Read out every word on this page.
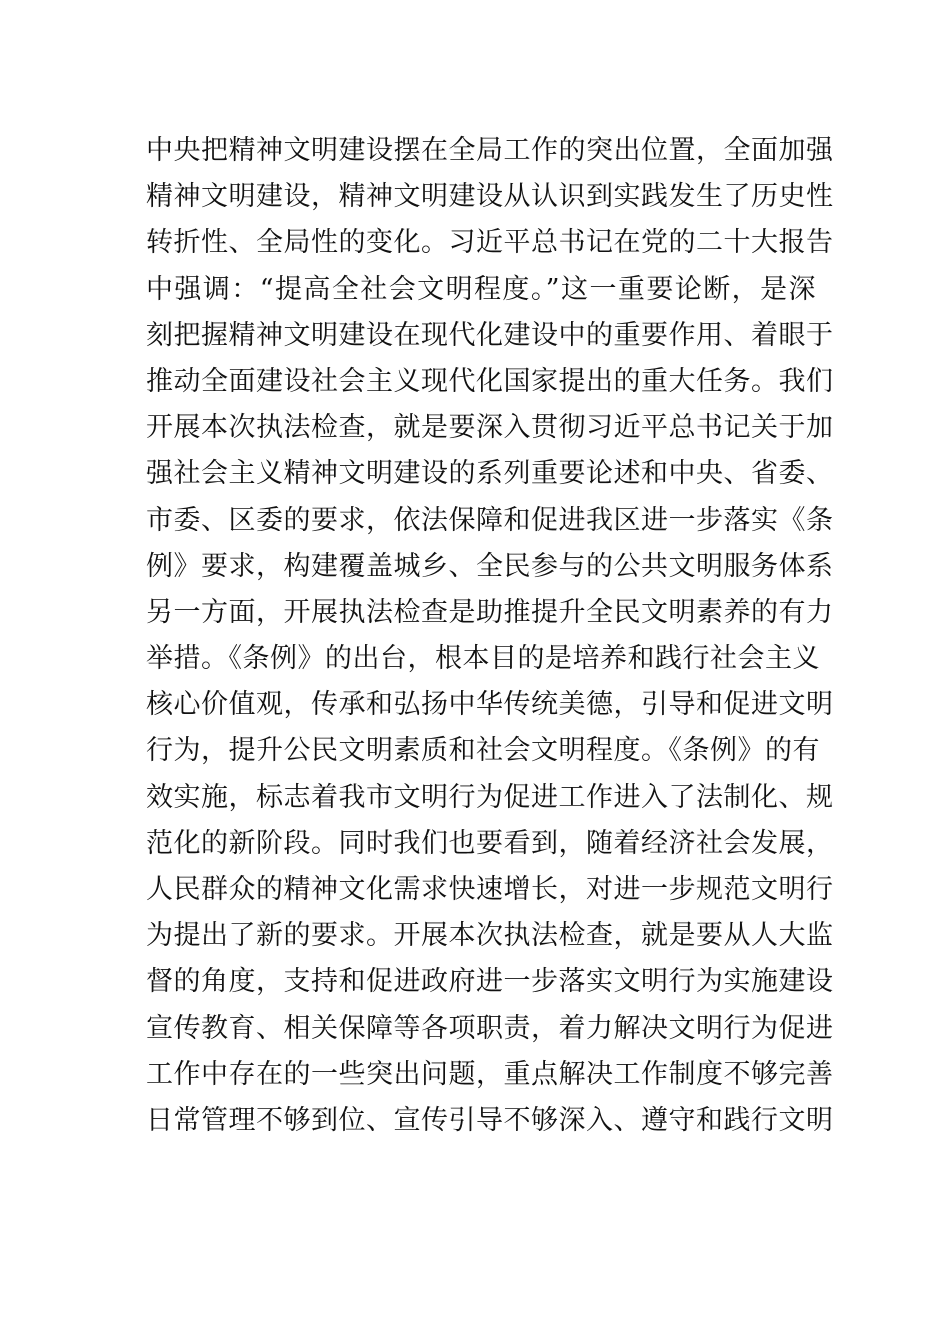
中央把精神文明建设摆在全局工作的突出位置，全面加强
精神文明建设，精神文明建设从认识到实践发生了历史性
转折性、全局性的变化。习近平总书记在党的二十大报告
中强调：“提高全社会文明程度。”这一重要论断，是深
刻把握精神文明建设在现代化建设中的重要作用、着眼于
推动全面建设社会主义现代化国家提出的重大任务。我们
开展本次执法检查，就是要深入贯彻习近平总书记关于加
强社会主义精神文明建设的系列重要论述和中央、省委、
市委、区委的要求，依法保障和促进我区进一步落实《条
例》要求，构建覆盖城乡、全民参与的公共文明服务体系
另一方面，开展执法检查是助推提升全民文明素养的有力
举措。《条例》的出台，根本目的是培养和践行社会主义
核心价值观，传承和弘扬中华传统美德，引导和促进文明
行为，提升公民文明素质和社会文明程度。《条例》的有
效实施，标志着我市文明行为促进工作进入了法制化、规
范化的新阶段。同时我们也要看到，随着经济社会发展，
人民群众的精神文化需求快速增长，对进一步规范文明行
为提出了新的要求。开展本次执法检查，就是要从人大监
督的角度，支持和促进政府进一步落实文明行为实施建设
宣传教育、相关保障等各项职责，着力解决文明行为促进
工作中存在的一些突出问题，重点解决工作制度不够完善
日常管理不够到位、宣传引导不够深入、遵守和践行文明
